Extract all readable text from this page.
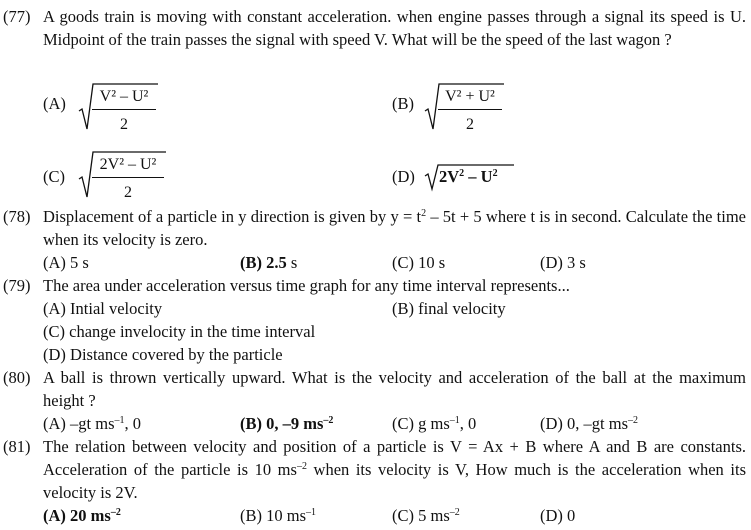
(77) A goods train is moving with constant acceleration. when engine passes through a signal its speed is U. Midpoint of the train passes the signal with speed V. What will be the speed of the last wagon ?
(A)	V² – U²
2
(B)	V² + U²
2
(C)
2V² – U²
2
(D) $2V^2 - U^2$
(78) Displacement of a particle in y direction is given by $y = t^2 - 5t + 5$ where t is in second. Calculate the time when its velocity is zero.
(A) 5 s	(B) 2.5 s	(C) 10 s	(D) 3 s
(79) The area under acceleration versus time graph for any time interval represents...
(A) Intial velocity	(B) final velocity
(C) change invelocity in the time interval
(D) Distance covered by the particle
(80) A ball is thrown vertically upward. What is the velocity and acceleration of the ball at the maximum height ?
(A) –gt $ms^{-1}$, 0	(B) 0, –9 $ms^{-2}$	(C) g $ms^{-1}$, 0	(D) 0, –gt $ms^{-2}$
(81) The relation between velocity and position of a particle is V = Ax + B where A and B are constants. Acceleration of the particle is 10 $ms^{-2}$ when its velocity is V, How much is the acceleration when its velocity is 2V.
(A) 20 $ms^{-2}$	(B) 10 $ms^{-1}$	(C) 5 $ms^{-2}$	(D) 0
